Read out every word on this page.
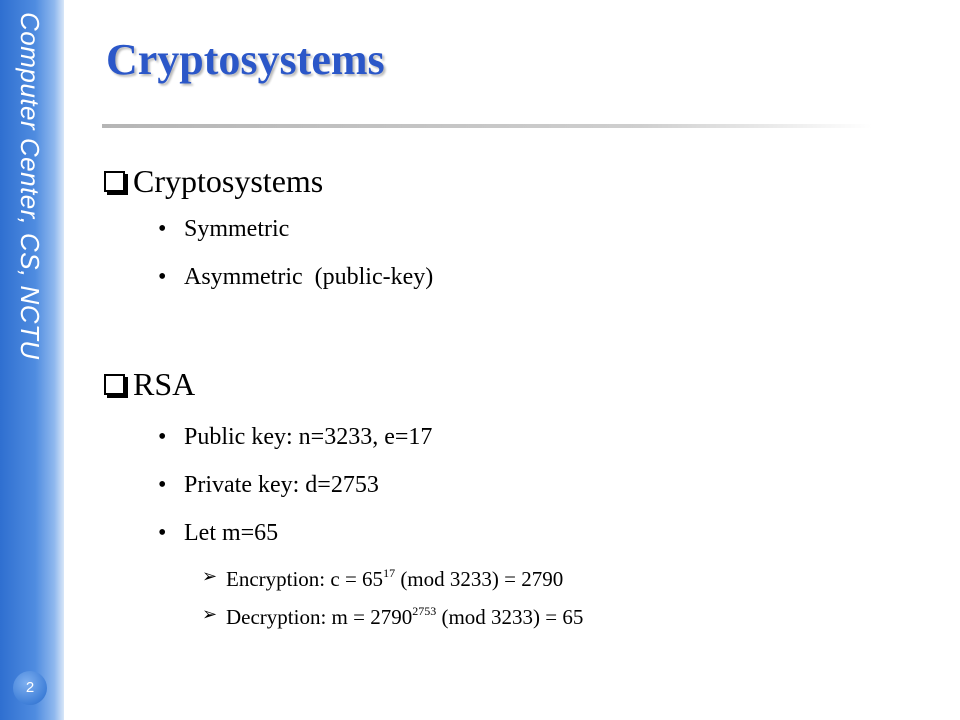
Computer Center, CS, NCTU
2
Cryptosystems
Cryptosystems
• Symmetric
• Asymmetric  (public-key)
RSA
• Public key: n=3233, e=17
• Private key: d=2753
• Let m=65
➢ Encryption: $c = 65^{17}$ (mod 3233) = 2790
➢ Decryption: $m = 2790^{2753}$ (mod 3233) = 65
